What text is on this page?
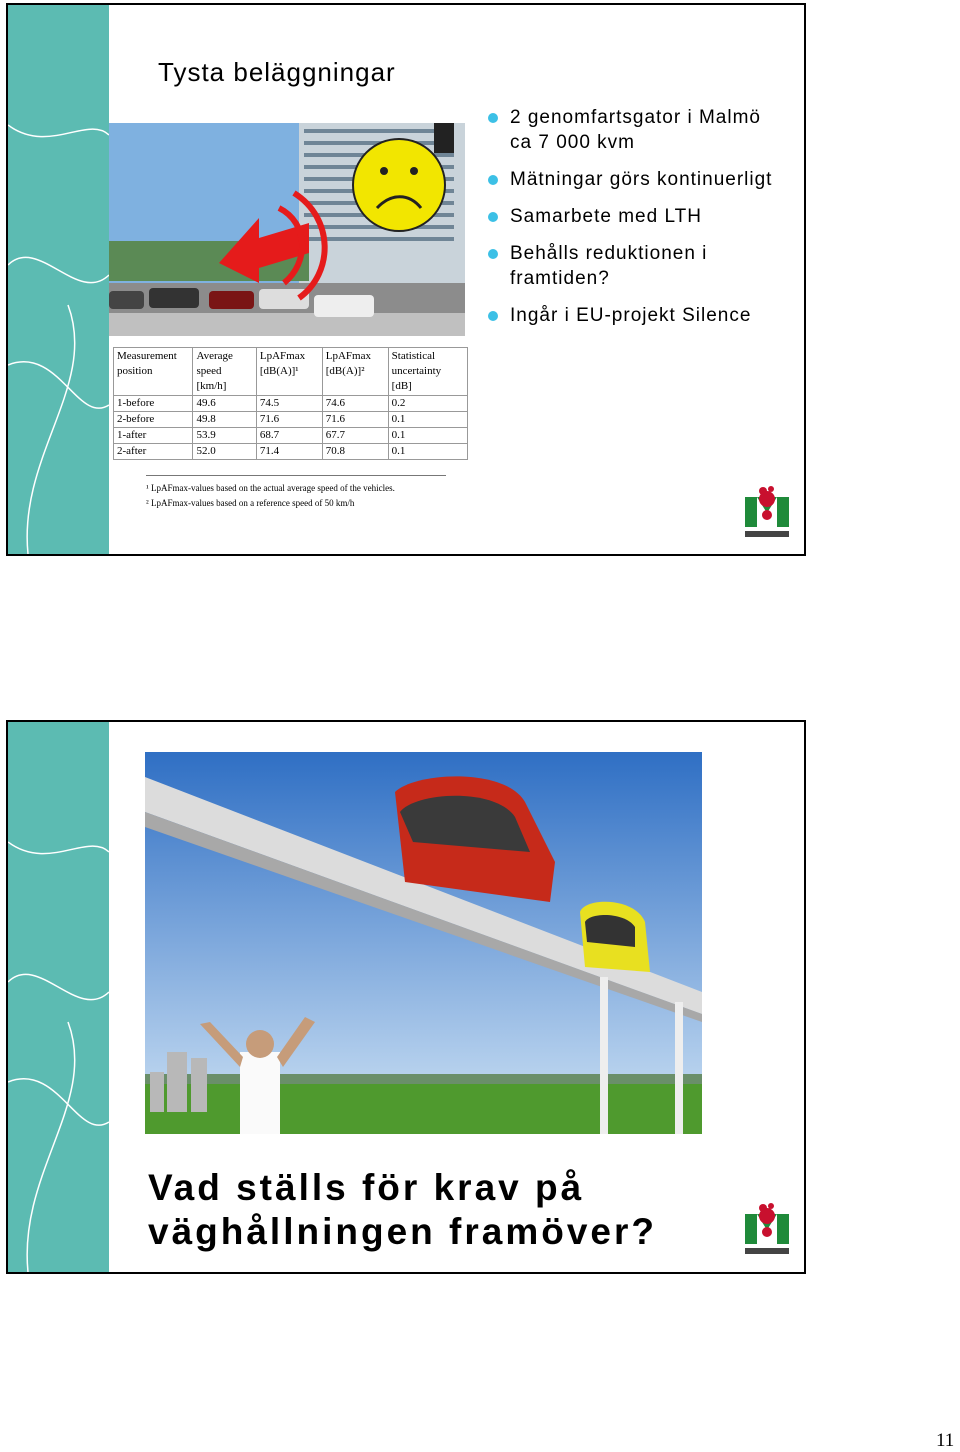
Tysta beläggningar
Measurement position	Average speed [km/h]	LpAFmax [dB(A)]¹	LpAFmax [dB(A)]²	Statistical uncertainty [dB]
1-before	49.6	74.5	74.6	0.2
2-before	49.8	71.6	71.6	0.1
1-after	53.9	68.7	67.7	0.1
2-after	52.0	71.4	70.8	0.1
¹ LpAFmax-values based on the actual average speed of the vehicles.
² LpAFmax-values based on a reference speed of 50 km/h
2 genomfartsgator i Malmö ca 7 000 kvm
Mätningar görs kontinuerligt
Samarbete med LTH
Behålls reduktionen i framtiden?
Ingår i EU-projekt Silence
Vad ställs för krav på
väghållningen framöver?
11
